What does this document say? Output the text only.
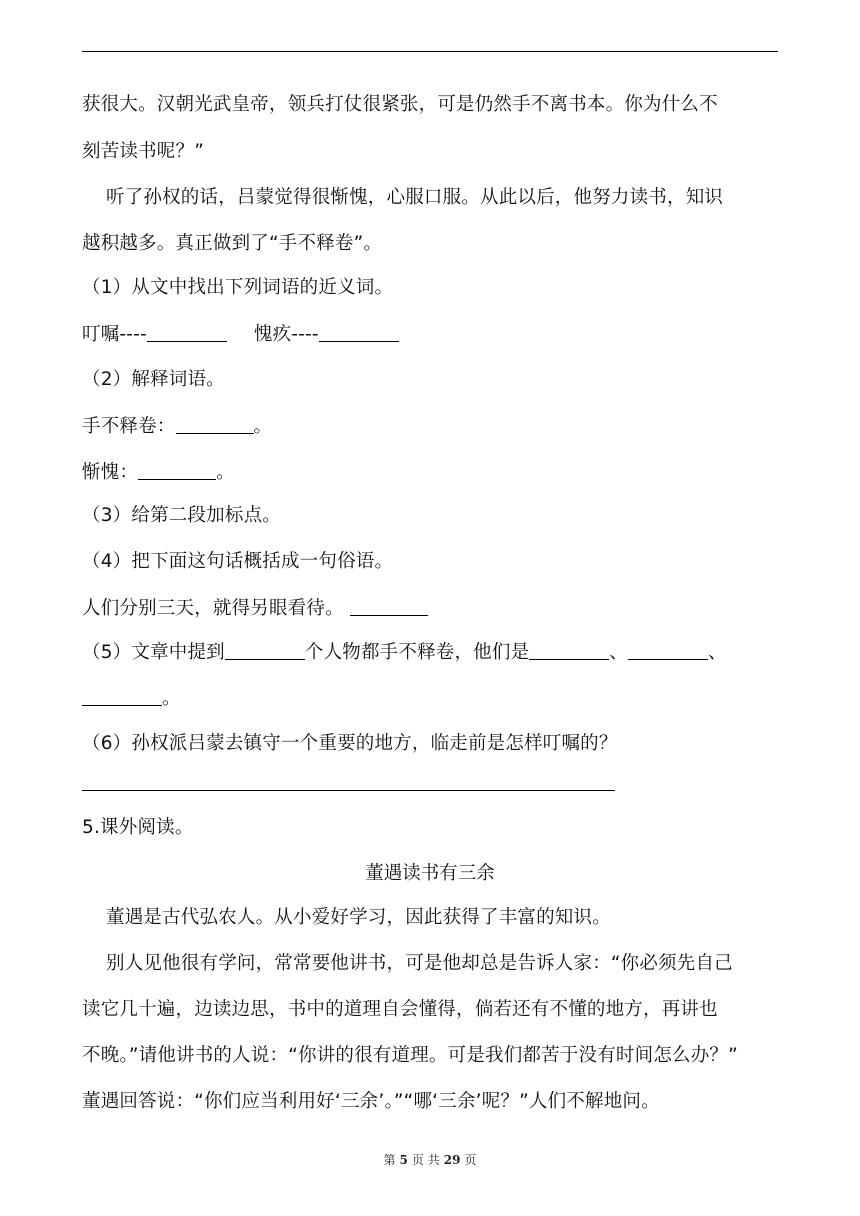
获很大。汉朝光武皇帝，领兵打仗很紧张，可是仍然手不离书本。你为什么不
刻苦读书呢？”
听了孙权的话，吕蒙觉得很惭愧，心服口服。从此以后，他努力读书，知识
越积越多。真正做到了“手不释卷”。
（1）从文中找出下列词语的近义词。
叮嘱----	愧疚----
（2）解释词语。
手不释卷：	。
惭愧：	。
（3）给第二段加标点。
（4）把下面这句话概括成一句俗语。
人们分别三天，就得另眼看待。
（5）文章中提到	个人物都手不释卷，他们是	、	、
。
（6）孙权派吕蒙去镇守一个重要的地方，临走前是怎样叮嘱的？
5.课外阅读。
董遇读书有三余
董遇是古代弘农人。从小爱好学习，因此获得了丰富的知识。
别人见他很有学问，常常要他讲书，可是他却总是告诉人家：“你必须先自己
读它几十遍，边读边思，书中的道理自会懂得，倘若还有不懂的地方，再讲也
不晚。”请他讲书的人说：“你讲的很有道理。可是我们都苦于没有时间怎么办？”
董遇回答说：“你们应当利用好‘三余’。”“哪‘三余’呢？”人们不解地问。
第 5 页 共 29 页
